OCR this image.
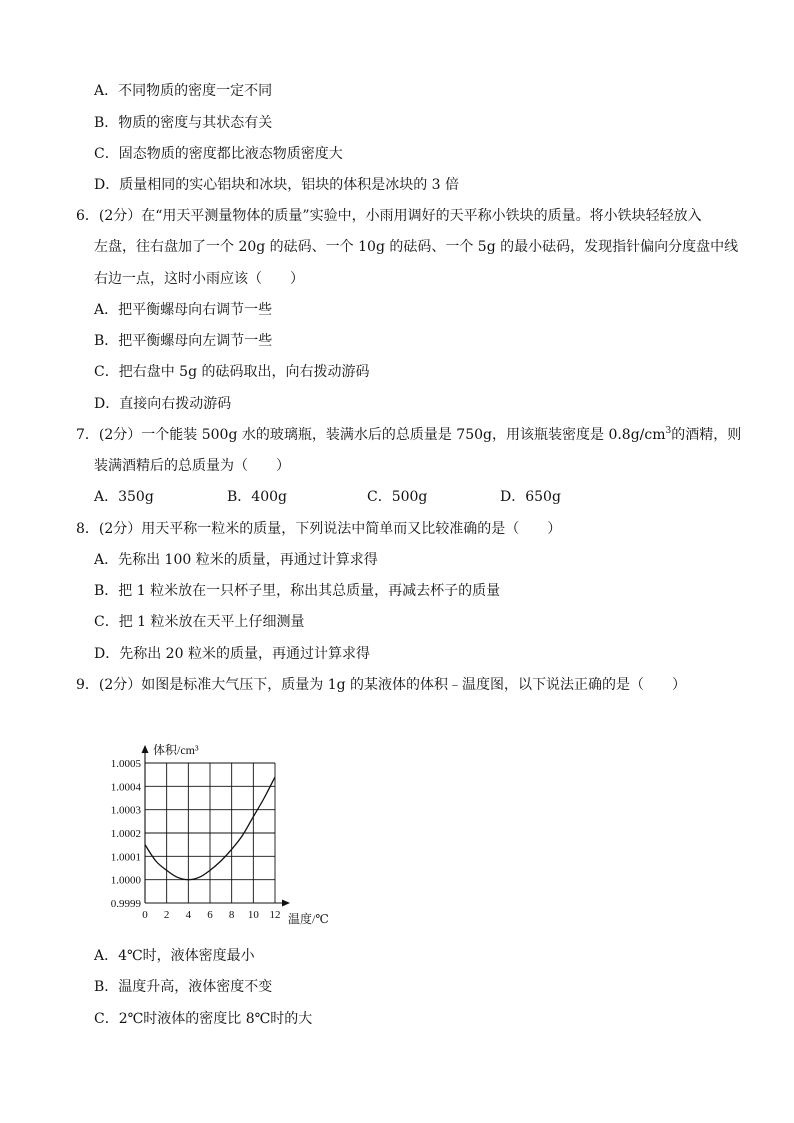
A．不同物质的密度一定不同
B．物质的密度与其状态有关
C．固态物质的密度都比液态物质密度大
D．质量相同的实心铝块和冰块，铝块的体积是冰块的 3 倍
6．(2分）在“用天平测量物体的质量”实验中，小雨用调好的天平称小铁块的质量。将小铁块轻轻放入
左盘，往右盘加了一个 20g 的砝码、一个 10g 的砝码、一个 5g 的最小砝码，发现指针偏向分度盘中线
右边一点，这时小雨应该（　　）
A．把平衡螺母向右调节一些
B．把平衡螺母向左调节一些
C．把右盘中 5g 的砝码取出，向右拨动游码
D．直接向右拨动游码
7．(2分）一个能装 500g 水的玻璃瓶，装满水后的总质量是 750g，用该瓶装密度是 $0.8g/cm^3$的酒精，则
装满酒精后的总质量为（　　）
A．350g	B．400g	C．500g	D．650g
8．(2分）用天平称一粒米的质量，下列说法中简单而又比较准确的是（　　）
A．先称出 100 粒米的质量，再通过计算求得
B．把 1 粒米放在一只杯子里，称出其总质量，再减去杯子的质量
C．把 1 粒米放在天平上仔细测量
D．先称出 20 粒米的质量，再通过计算求得
9．(2分）如图是标准大气压下，质量为 1g 的某液体的体积﹣温度图，以下说法正确的是（　　）
1.0005
1.0004
1.0003
1.0002
1.0001
1.0000
0.9999
0 2 4 6 8 10 12
体积/cm³
温度/℃
A．4℃时，液体密度最小
B．温度升高，液体密度不变
C．2℃时液体的密度比 8℃时的大
